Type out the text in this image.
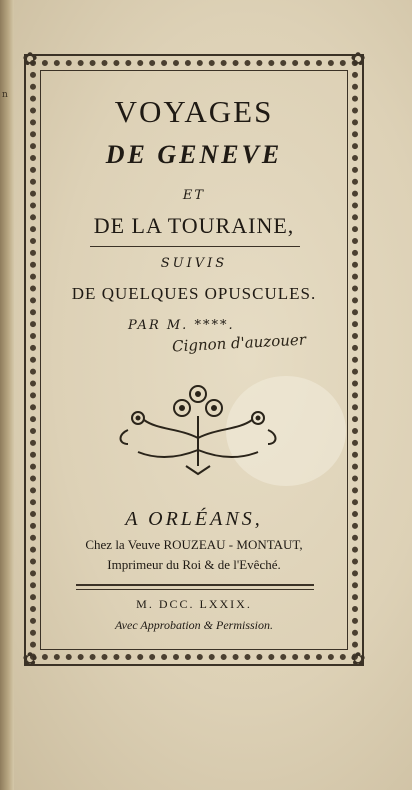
n
✿	✿
✿	✿
VOYAGES
DE GENEVE
ET
DE LA TOURAINE,
SUIVIS
DE QUELQUES OPUSCULES.
PAR M. ****.
Cignon d'auzouer
A ORLÉANS,
Chez la Veuve ROUZEAU - MONTAUT,
Imprimeur du Roi & de l'Evêché.
M. DCC. LXXIX.
Avec Approbation & Permission.
